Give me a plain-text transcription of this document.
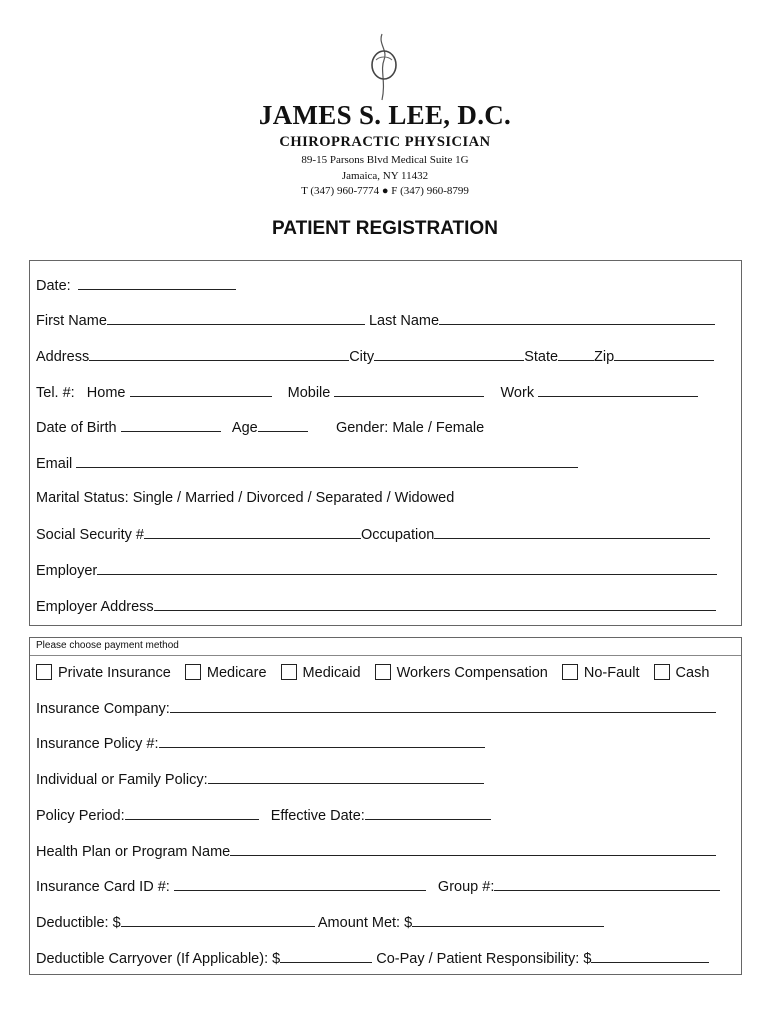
JAMES S. LEE, D.C.
CHIROPRACTIC PHYSICIAN
89-15 Parsons Blvd Medical Suite 1G
Jamaica, NY 11432
T (347) 960-7774 ● F (347) 960-8799
PATIENT REGISTRATION
Date:
First Name	Last Name
Address	City	State Zip
Tel. #: Home	Mobile	Work
Date of Birth	Age	Gender: Male / Female
Email
Marital Status: Single / Married / Divorced / Separated / Widowed
Social Security #	Occupation
Employer
Employer Address
Please choose payment method
Private Insurance Medicare Medicaid Workers Compensation No-Fault Cash
Insurance Company:
Insurance Policy #:
Individual or Family Policy:
Policy Period:	Effective Date:
Health Plan or Program Name
Insurance Card ID #:	Group #:
Deductible: $	Amount Met: $
Deductible Carryover (If Applicable): $	Co-Pay / Patient Responsibility: $
